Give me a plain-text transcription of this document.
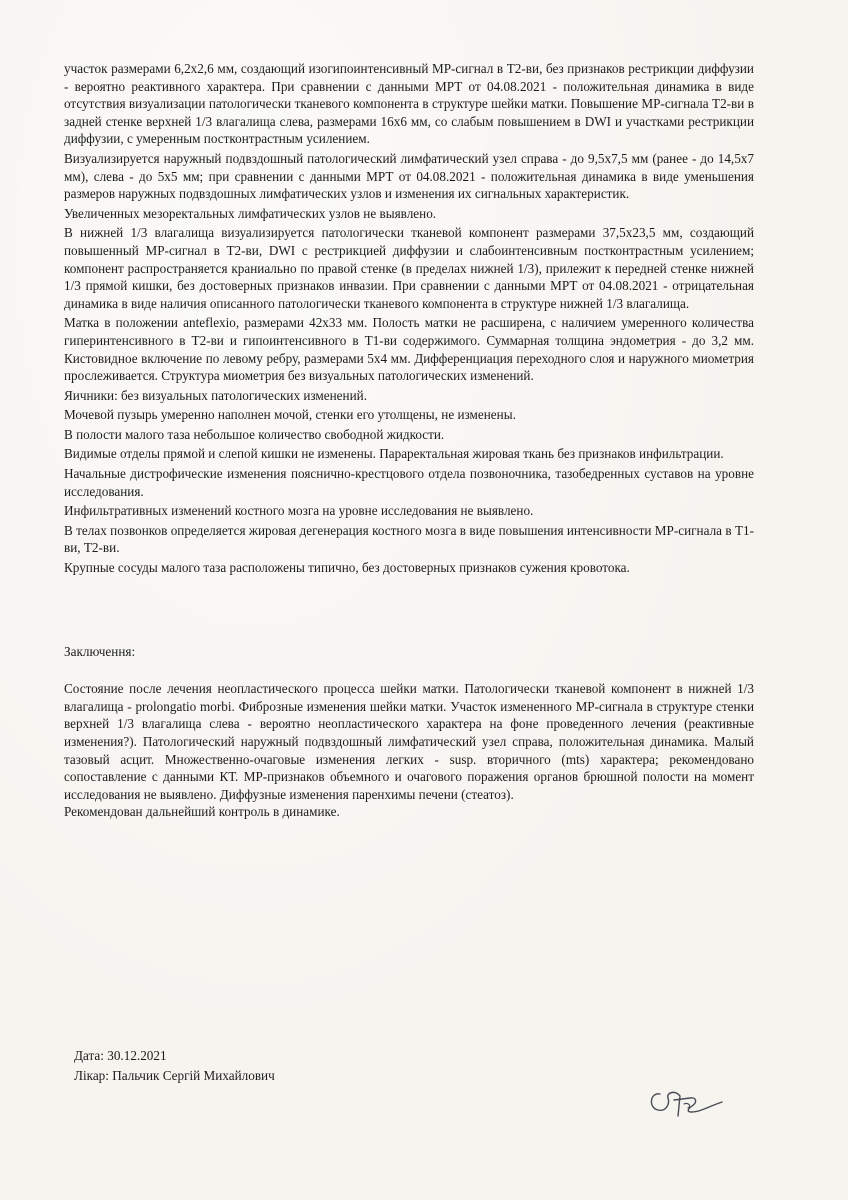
участок размерами 6,2х2,6 мм, создающий изогипоинтенсивный МР-сигнал в Т2-ви, без признаков рестрикции диффузии - вероятно реактивного характера. При сравнении с данными МРТ от 04.08.2021 - положительная динамика в виде отсутствия визуализации патологически тканевого компонента в структуре шейки матки. Повышение МР-сигнала Т2-ви в задней стенке верхней 1/3 влагалища слева, размерами 16х6 мм, со слабым повышением в DWI и участками рестрикции диффузии, с умеренным постконтрастным усилением.

Визуализируется наружный подвздошный патологический лимфатический узел справа - до 9,5х7,5 мм (ранее - до 14,5х7 мм), слева - до 5х5 мм; при сравнении с данными МРТ от 04.08.2021 - положительная динамика в виде уменьшения размеров наружных подвздошных лимфатических узлов и изменения их сигнальных характеристик.

Увеличенных мезоректальных лимфатических узлов не выявлено.

В нижней 1/3 влагалища визуализируется патологически тканевой компонент размерами 37,5х23,5 мм, создающий повышенный МР-сигнал в Т2-ви, DWI с рестрикцией диффузии и слабоинтенсивным постконтрастным усилением; компонент распространяется краниально по правой стенке (в пределах нижней 1/3), прилежит к передней стенке нижней 1/3 прямой кишки, без достоверных признаков инвазии. При сравнении с данными МРТ от 04.08.2021 - отрицательная динамика в виде наличия описанного патологически тканевого компонента в структуре нижней 1/3 влагалища.

Матка в положении anteflexio, размерами 42х33 мм. Полость матки не расширена, с наличием умеренного количества гиперинтенсивного в Т2-ви и гипоинтенсивного в Т1-ви содержимого. Суммарная толщина эндометрия - до 3,2 мм. Кистовидное включение по левому ребру, размерами 5х4 мм. Дифференциация переходного слоя и наружного миометрия прослеживается. Структура миометрия без визуальных патологических изменений.

Яичники: без визуальных патологических изменений.

Мочевой пузырь умеренно наполнен мочой, стенки его утолщены, не изменены.

В полости малого таза небольшое количество свободной жидкости.

Видимые отделы прямой и слепой кишки не изменены. Параректальная жировая ткань без признаков инфильтрации.

Начальные дистрофические изменения пояснично-крестцового отдела позвоночника, тазобедренных суставов на уровне исследования.

Инфильтративных изменений костного мозга на уровне исследования не выявлено.

В телах позвонков определяется жировая дегенерация костного мозга в виде повышения интенсивности МР-сигнала в Т1-ви, Т2-ви.

Крупные сосуды малого таза расположены типично, без достоверных признаков сужения кровотока.

Заключення:

Состояние после лечения неопластического процесса шейки матки. Патологически тканевой компонент в нижней 1/3 влагалища - prolongatio morbi. Фиброзные изменения шейки матки. Участок измененного МР-сигнала в структуре стенки верхней 1/3 влагалища слева - вероятно неопластического характера на фоне проведенного лечения (реактивные изменения?). Патологический наружный подвздошный лимфатический узел справа, положительная динамика. Малый тазовый асцит. Множественно-очаговые изменения легких - susp. вторичного (mts) характера; рекомендовано сопоставление с данными КТ. МР-признаков объемного и очагового поражения органов брюшной полости на момент исследования не выявлено. Диффузные изменения паренхимы печени (стеатоз).

Рекомендован дальнейший контроль в динамике.

Дата: 30.12.2021
Лікар: Пальчик Сергій Михайлович
